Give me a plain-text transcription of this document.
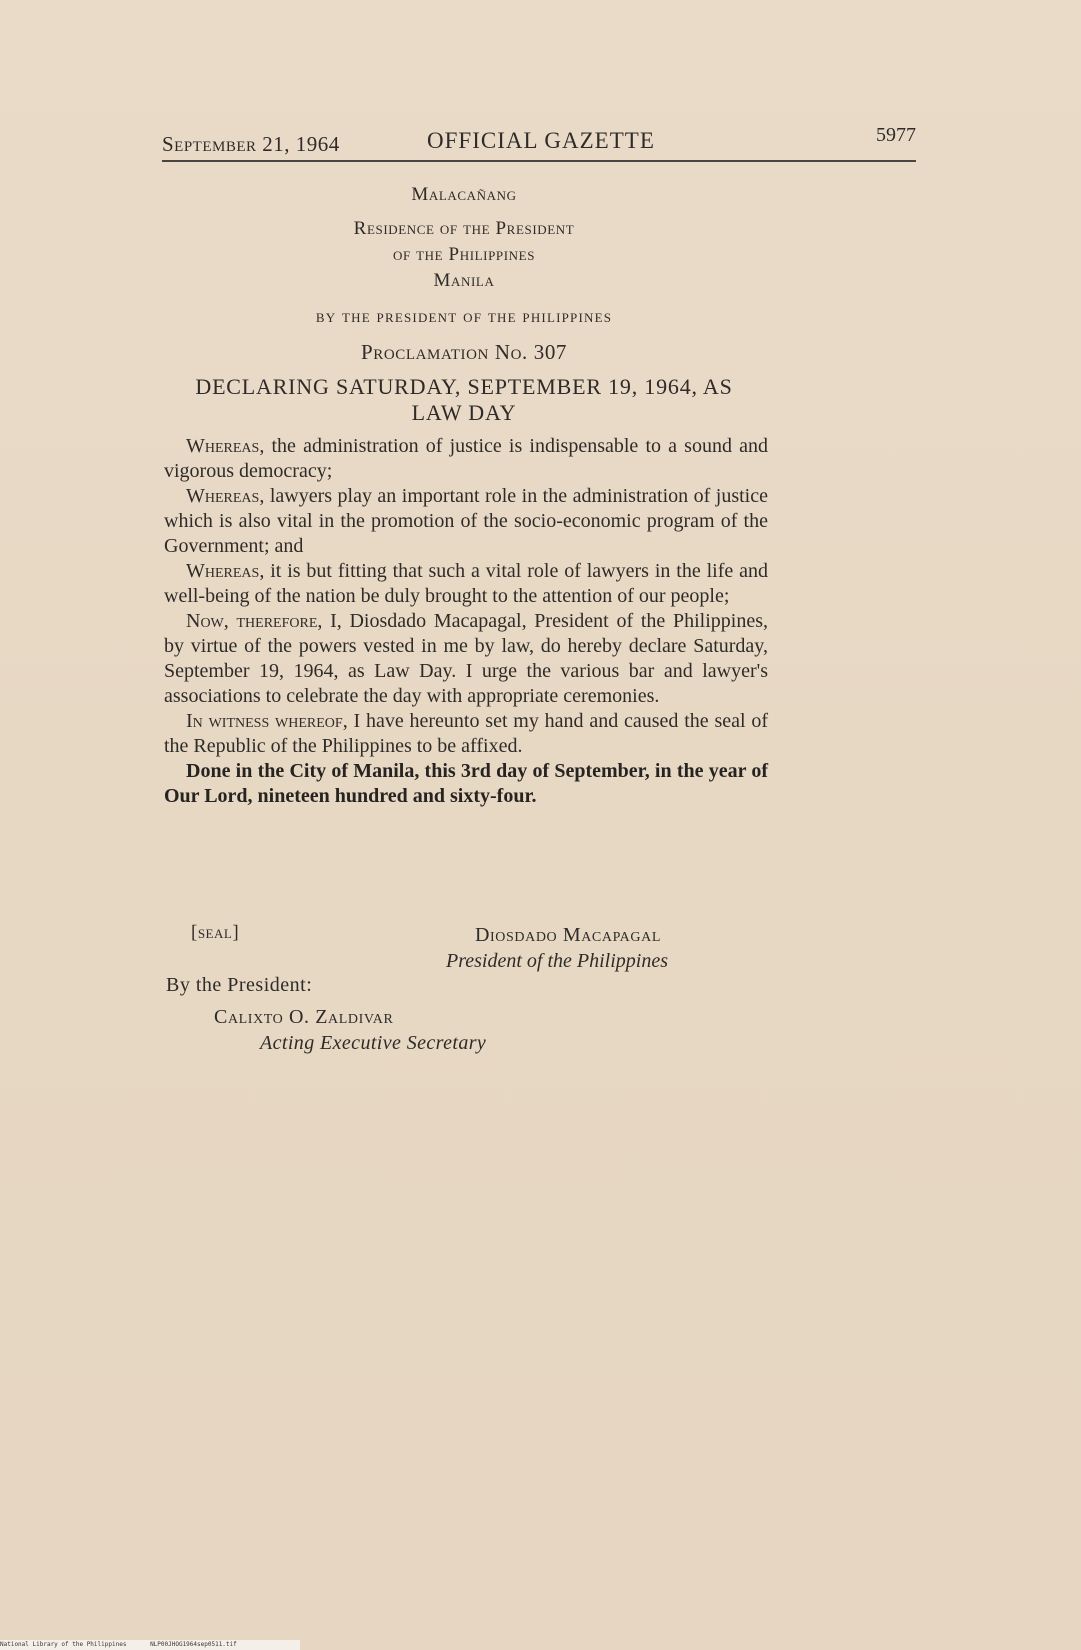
September 21, 1964	OFFICIAL GAZETTE	5977
Malacañang
Residence of the President
of the Philippines
Manila
by the president of the philippines
Proclamation No. 307
DECLARING SATURDAY, SEPTEMBER 19, 1964, AS
LAW DAY

Whereas, the administration of justice is indispensable to a sound and vigorous democracy;

Whereas, lawyers play an important role in the administration of justice which is also vital in the promotion of the socio-economic program of the Government; and

Whereas, it is but fitting that such a vital role of lawyers in the life and well-being of the nation be duly brought to the attention of our people;

Now, therefore, I, Diosdado Macapagal, President of the Philippines, by virtue of the powers vested in me by law, do hereby declare Saturday, September 19, 1964, as Law Day. I urge the various bar and lawyer's associations to celebrate the day with appropriate ceremonies.

In witness whereof, I have hereunto set my hand and caused the seal of the Republic of the Philippines to be affixed.

Done in the City of Manila, this 3rd day of September, in the year of Our Lord, nineteen hundred and sixty-four.

[seal]	Diosdado Macapagal
President of the Philippines
By the President:
Calixto O. Zaldivar
Acting Executive Secretary
National Library of the Philippines	NLP00JHOG1964sep0511.tif
